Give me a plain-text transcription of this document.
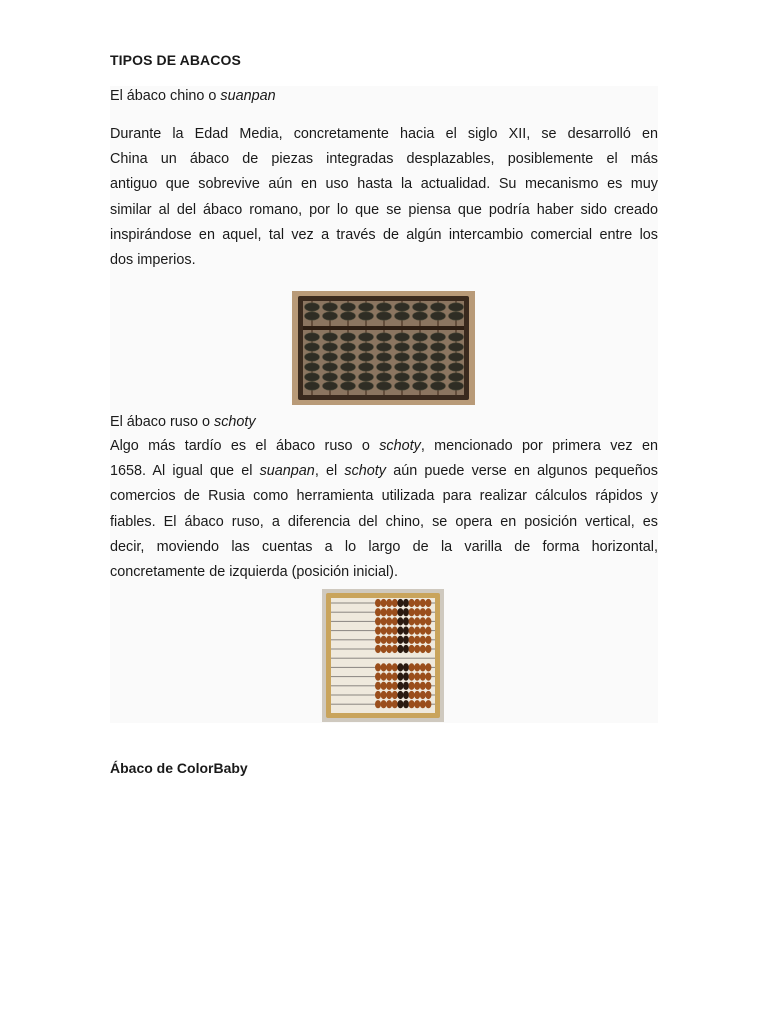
TIPOS DE ABACOS
El ábaco chino o suanpan
Durante la Edad Media, concretamente hacia el siglo XII, se desarrolló en
China un ábaco de piezas integradas desplazables, posiblemente el más
antiguo que sobrevive aún en uso hasta la actualidad. Su mecanismo es muy
similar al del ábaco romano, por lo que se piensa que podría haber sido creado
inspirándose en aquel, tal vez a través de algún intercambio comercial entre los
dos imperios.
El ábaco ruso o schoty
Algo más tardío es el ábaco ruso o schoty, mencionado por primera vez en
1658. Al igual que el suanpan, el schoty aún puede verse en algunos pequeños
comercios de Rusia como herramienta utilizada para realizar cálculos rápidos y
fiables. El ábaco ruso, a diferencia del chino, se opera en posición vertical, es
decir, moviendo las cuentas a lo largo de la varilla de forma horizontal,
concretamente de izquierda (posición inicial).
Ábaco de ColorBaby
